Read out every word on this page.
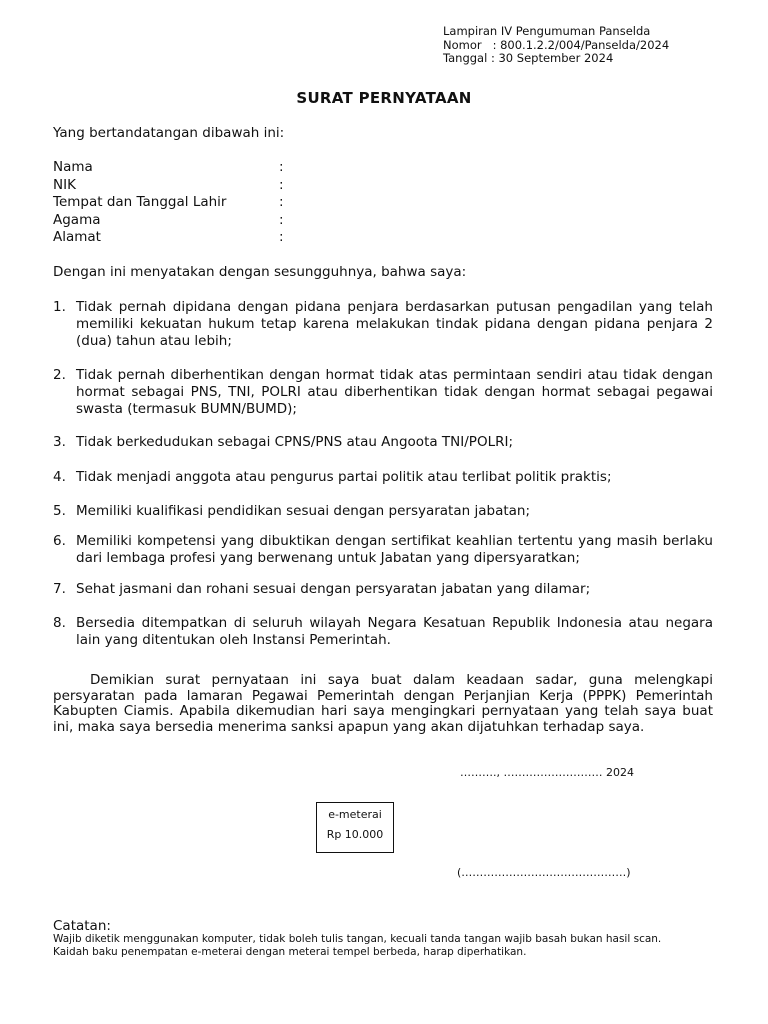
Lampiran IV Pengumuman Panselda
Nomor   : 800.1.2.2/004/Panselda/2024
Tanggal : 30 September 2024
SURAT PERNYATAAN
Yang bertandatangan dibawah ini:
Nama	:
NIK	:
Tempat dan Tanggal Lahir	:
Agama	:
Alamat	:
Dengan ini menyatakan dengan sesungguhnya, bahwa saya:
1. Tidak pernah dipidana dengan pidana penjara berdasarkan putusan pengadilan yang telah memiliki kekuatan hukum tetap karena melakukan tindak pidana dengan pidana penjara 2 (dua) tahun atau lebih;
2. Tidak pernah diberhentikan dengan hormat tidak atas permintaan sendiri atau tidak dengan hormat sebagai PNS, TNI, POLRI atau diberhentikan tidak dengan hormat sebagai pegawai swasta (termasuk BUMN/BUMD);
3. Tidak berkedudukan sebagai CPNS/PNS atau Angoota TNI/POLRI;
4. Tidak menjadi anggota atau pengurus partai politik atau terlibat politik praktis;
5. Memiliki kualifikasi pendidikan sesuai dengan persyaratan jabatan;
6. Memiliki kompetensi yang dibuktikan dengan sertifikat keahlian tertentu yang masih berlaku dari lembaga profesi yang berwenang untuk Jabatan yang dipersyaratkan;
7. Sehat jasmani dan rohani sesuai dengan persyaratan jabatan yang dilamar;
8. Bersedia ditempatkan di seluruh wilayah Negara Kesatuan Republik Indonesia atau negara lain yang ditentukan oleh Instansi Pemerintah.
Demikian surat pernyataan ini saya buat dalam keadaan sadar, guna melengkapi persyaratan pada lamaran Pegawai Pemerintah dengan Perjanjian Kerja (PPPK) Pemerintah Kabupten Ciamis. Apabila dikemudian hari saya mengingkari pernyataan yang telah saya buat ini, maka saya bersedia menerima sanksi apapun yang akan dijatuhkan terhadap saya.
………., ……………………… 2024
e-meterai
Rp 10.000
(………………………………………)
Catatan:
Wajib diketik menggunakan komputer, tidak boleh tulis tangan, kecuali tanda tangan wajib basah bukan hasil scan.
Kaidah baku penempatan e-meterai dengan meterai tempel berbeda, harap diperhatikan.
